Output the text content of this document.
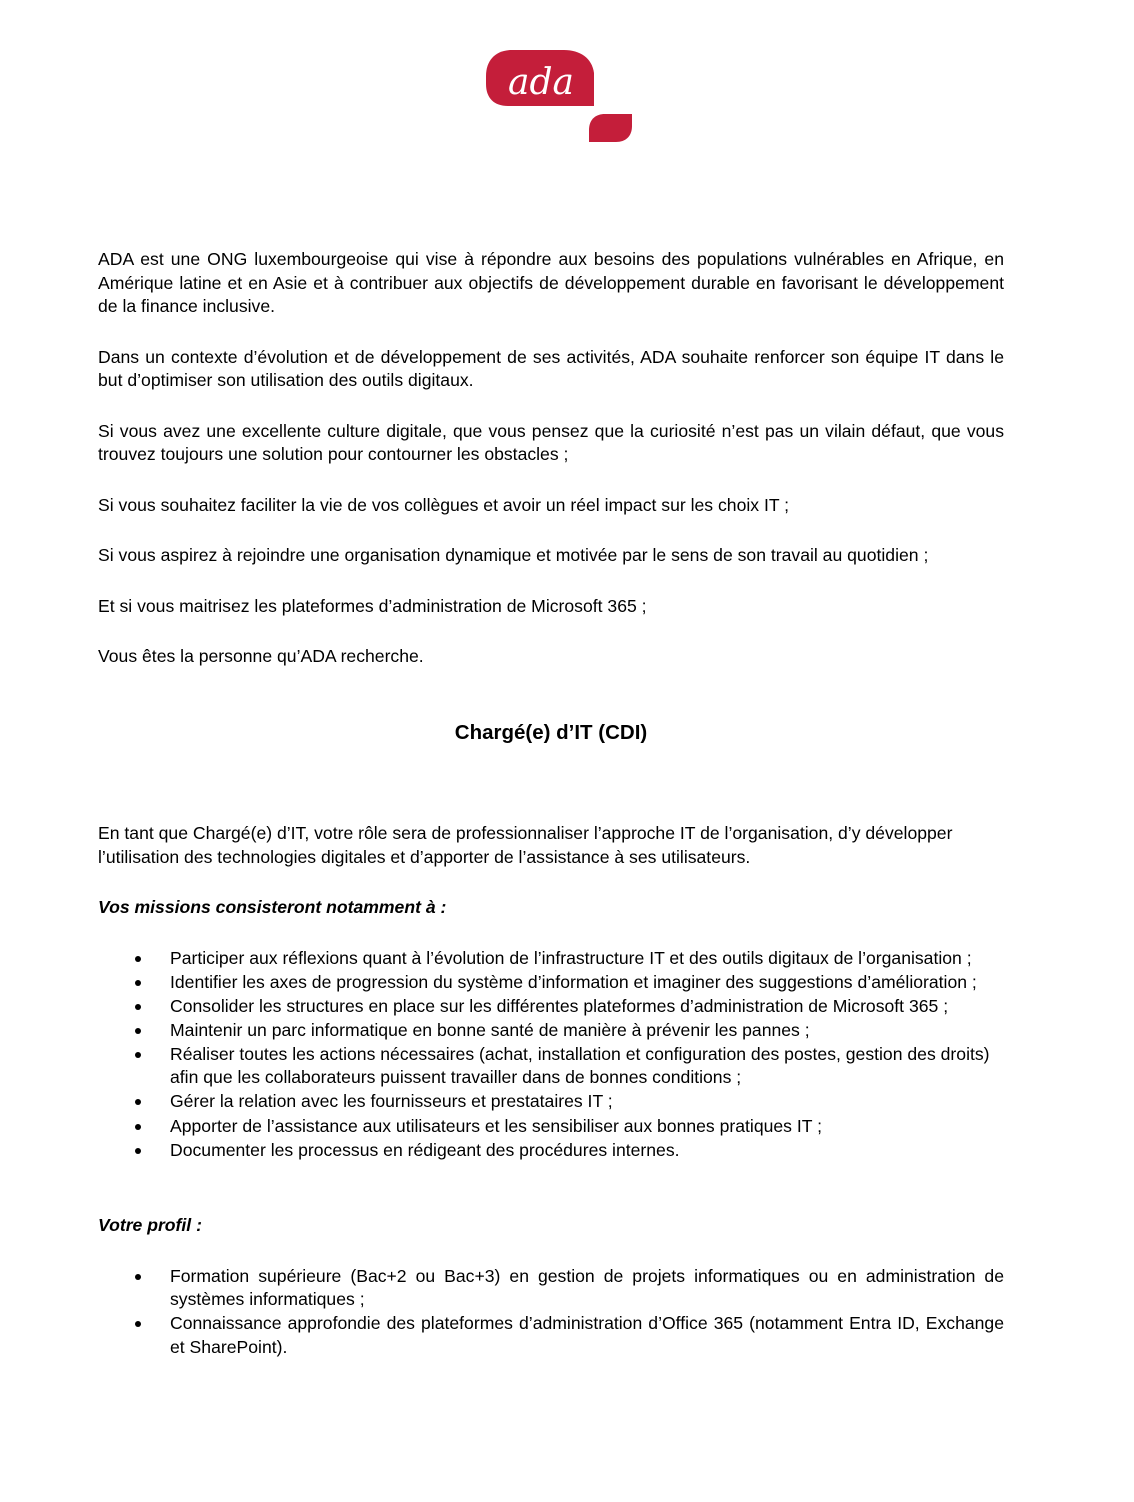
ada

ADA est une ONG luxembourgeoise qui vise à répondre aux besoins des populations vulnérables en Afrique, en Amérique latine et en Asie et à contribuer aux objectifs de développement durable en favorisant le développement de la finance inclusive.

Dans un contexte d’évolution et de développement de ses activités, ADA souhaite renforcer son équipe IT dans le but d’optimiser son utilisation des outils digitaux.

Si vous avez une excellente culture digitale, que vous pensez que la curiosité n’est pas un vilain défaut, que vous trouvez toujours une solution pour contourner les obstacles ;

Si vous souhaitez faciliter la vie de vos collègues et avoir un réel impact sur les choix IT ;

Si vous aspirez à rejoindre une organisation dynamique et motivée par le sens de son travail au quotidien ;

Et si vous maitrisez les plateformes d’administration de Microsoft 365 ;

Vous êtes la personne qu’ADA recherche.

Chargé(e) d’IT (CDI)

En tant que Chargé(e) d’IT, votre rôle sera de professionnaliser l’approche IT de l’organisation, d’y développer l’utilisation des technologies digitales et d’apporter de l’assistance à ses utilisateurs.

Vos missions consisteront notamment à :

Participer aux réflexions quant à l’évolution de l’infrastructure IT et des outils digitaux de l’organisation ;
Identifier les axes de progression du système d’information et imaginer des suggestions d’amélioration ;
Consolider les structures en place sur les différentes plateformes d’administration de Microsoft 365 ;
Maintenir un parc informatique en bonne santé de manière à prévenir les pannes ;
Réaliser toutes les actions nécessaires (achat, installation et configuration des postes, gestion des droits) afin que les collaborateurs puissent travailler dans de bonnes conditions ;
Gérer la relation avec les fournisseurs et prestataires IT ;
Apporter de l’assistance aux utilisateurs et les sensibiliser aux bonnes pratiques IT ;
Documenter les processus en rédigeant des procédures internes.

Votre profil :

Formation supérieure (Bac+2 ou Bac+3) en gestion de projets informatiques ou en administration de systèmes informatiques ;
Connaissance approfondie des plateformes d’administration d’Office 365 (notamment Entra ID, Exchange et SharePoint).
